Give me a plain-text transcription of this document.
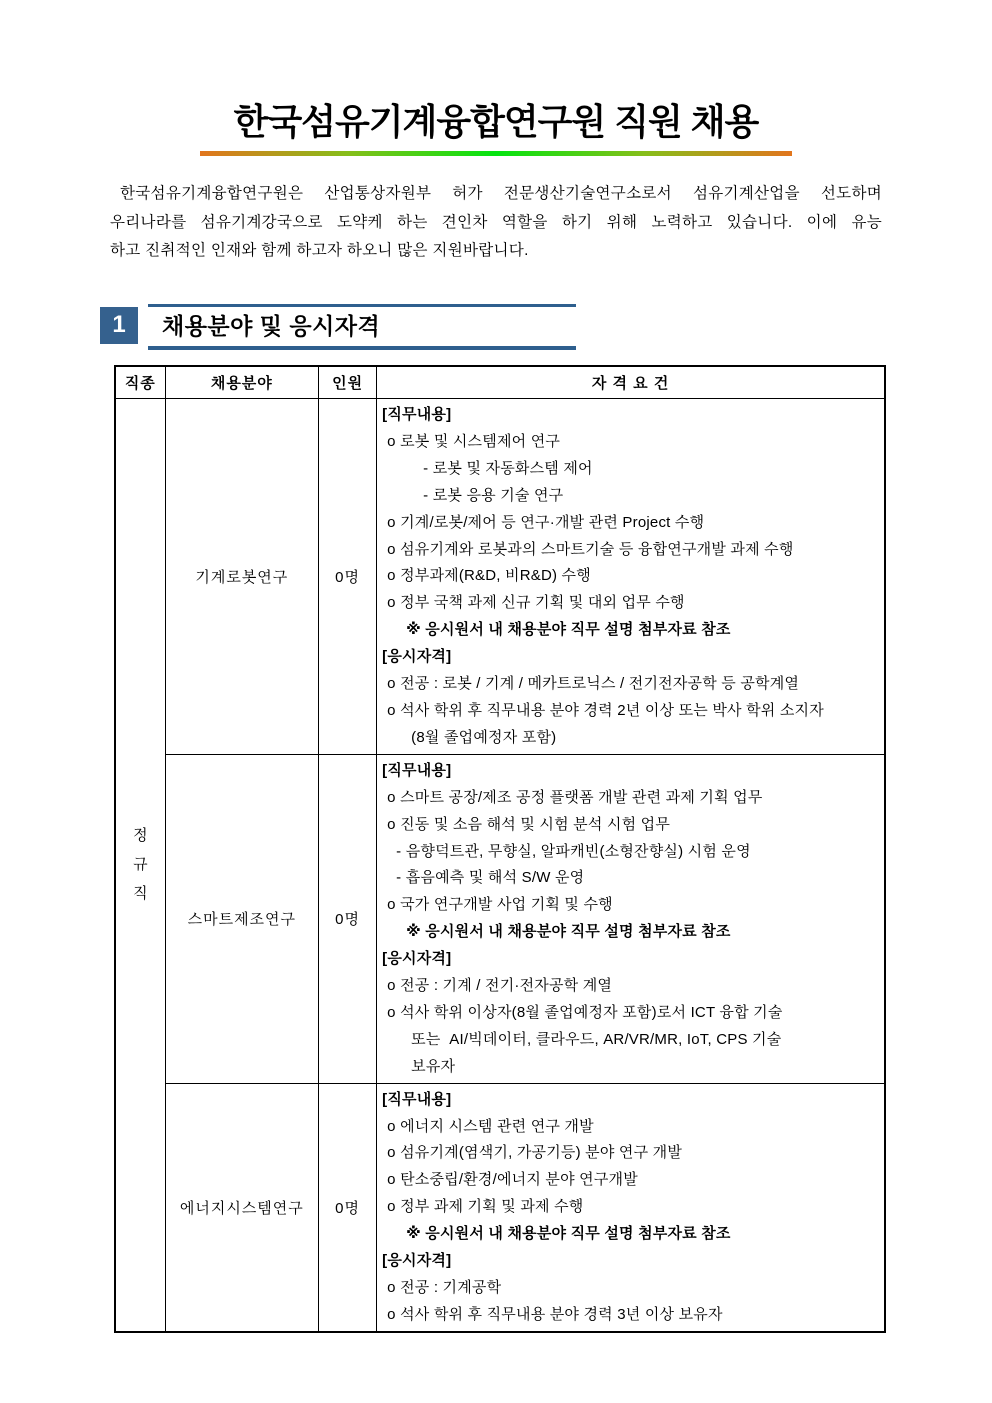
한국섬유기계융합연구원 직원 채용
한국섬유기계융합연구원은 산업통상자원부 허가 전문생산기술연구소로서 섬유기계산업을 선도하며
우리나라를 섬유기계강국으로 도약케 하는 견인차 역할을 하기 위해 노력하고 있습니다. 이에 유능
하고 진취적인 인재와 함께 하고자 하오니 많은 지원바랍니다.
1	채용분야 및 응시자격
직종	채용분야	인원	자 격 요 건

정
규
직
	기계로봇연구	0명	
[직무내용]
o 로봇 및 시스템제어 연구
- 로봇 및 자동화스템 제어
- 로봇 응용 기술 연구
o 기계/로봇/제어 등 연구·개발 관련 Project 수행
o 섬유기계와 로봇과의 스마트기술 등 융합연구개발 과제 수행
o 정부과제(R&D, 비R&D) 수행
o 정부 국책 과제 신규 기획 및 대외 업무 수행
※ 응시원서 내 채용분야 직무 설명 첨부자료 참조
[응시자격]
o 전공 : 로봇 / 기계 / 메카트로닉스 / 전기전자공학 등 공학계열
o 석사 학위 후 직무내용 분야 경력 2년 이상 또는 박사 학위 소지자
(8월 졸업예정자 포함)

스마트제조연구	0명	
[직무내용]
o 스마트 공장/제조 공정 플랫폼 개발 관련 과제 기획 업무
o 진동 및 소음 해석 및 시험 분석 시험 업무
- 음향덕트관, 무향실, 알파캐빈(소형잔향실) 시험 운영
- 흡음예측 및 해석 S/W 운영
o 국가 연구개발 사업 기획 및 수행
※ 응시원서 내 채용분야 직무 설명 첨부자료 참조
[응시자격]
o 전공 : 기계 / 전기·전자공학 계열
o 석사 학위 이상자(8월 졸업예정자 포함)로서 ICT 융합 기술
또는  AI/빅데이터, 클라우드, AR/VR/MR, IoT, CPS 기술
보유자

에너지시스템연구	0명	
[직무내용]
o 에너지 시스템 관련 연구 개발
o 섬유기계(염색기, 가공기등) 분야 연구 개발
o 탄소중립/환경/에너지 분야 연구개발
o 정부 과제 기획 및 과제 수행
※ 응시원서 내 채용분야 직무 설명 첨부자료 참조
[응시자격]
o 전공 : 기계공학
o 석사 학위 후 직무내용 분야 경력 3년 이상 보유자
